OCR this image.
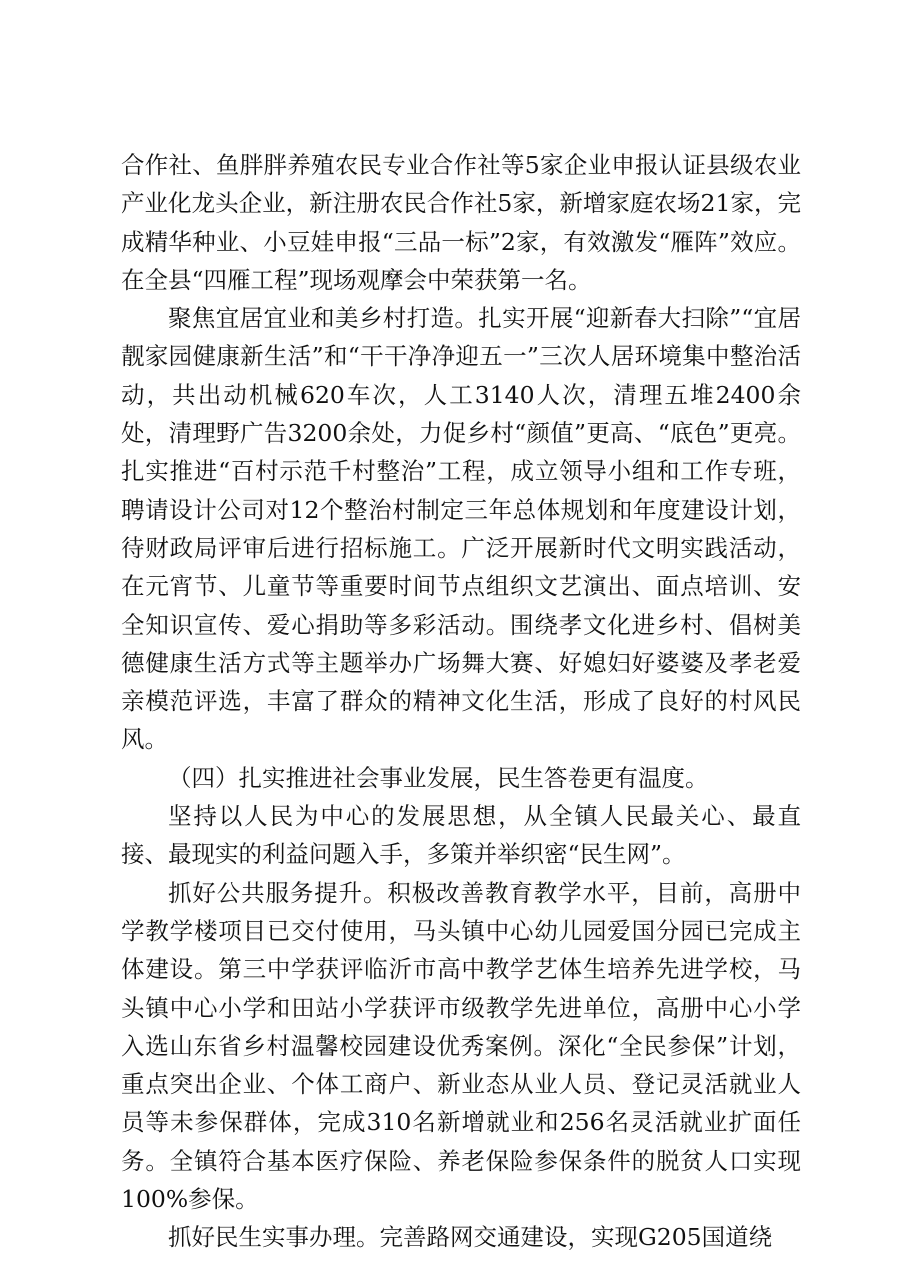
合作社、鱼胖胖养殖农民专业合作社等5家企业申报认证县级农业产业化龙头企业，新注册农民合作社5家，新增家庭农场21家，完成精华种业、小豆娃申报“三品一标”2家，有效激发“雁阵”效应。在全县“四雁工程”现场观摩会中荣获第一名。

聚焦宜居宜业和美乡村打造。扎实开展“迎新春大扫除”“宜居靓家园健康新生活”和“干干净净迎五一”三次人居环境集中整治活动，共出动机械620车次，人工3140人次，清理五堆2400余处，清理野广告3200余处，力促乡村“颜值”更高、“底色”更亮。扎实推进“百村示范千村整治”工程，成立领导小组和工作专班，聘请设计公司对12个整治村制定三年总体规划和年度建设计划，待财政局评审后进行招标施工。广泛开展新时代文明实践活动，在元宵节、儿童节等重要时间节点组织文艺演出、面点培训、安全知识宣传、爱心捐助等多彩活动。围绕孝文化进乡村、倡树美德健康生活方式等主题举办广场舞大赛、好媳妇好婆婆及孝老爱亲模范评选，丰富了群众的精神文化生活，形成了良好的村风民风。

（四）扎实推进社会事业发展，民生答卷更有温度。

坚持以人民为中心的发展思想，从全镇人民最关心、最直接、最现实的利益问题入手，多策并举织密“民生网”。

抓好公共服务提升。积极改善教育教学水平，目前，高册中学教学楼项目已交付使用，马头镇中心幼儿园爱国分园已完成主体建设。第三中学获评临沂市高中教学艺体生培养先进学校，马头镇中心小学和田站小学获评市级教学先进单位，高册中心小学入选山东省乡村温馨校园建设优秀案例。深化“全民参保”计划，重点突出企业、个体工商户、新业态从业人员、登记灵活就业人员等未参保群体，完成310名新增就业和256名灵活就业扩面任务。全镇符合基本医疗保险、养老保险参保条件的脱贫人口实现100%参保。

抓好民生实事办理。完善路网交通建设，实现G205国道绕
